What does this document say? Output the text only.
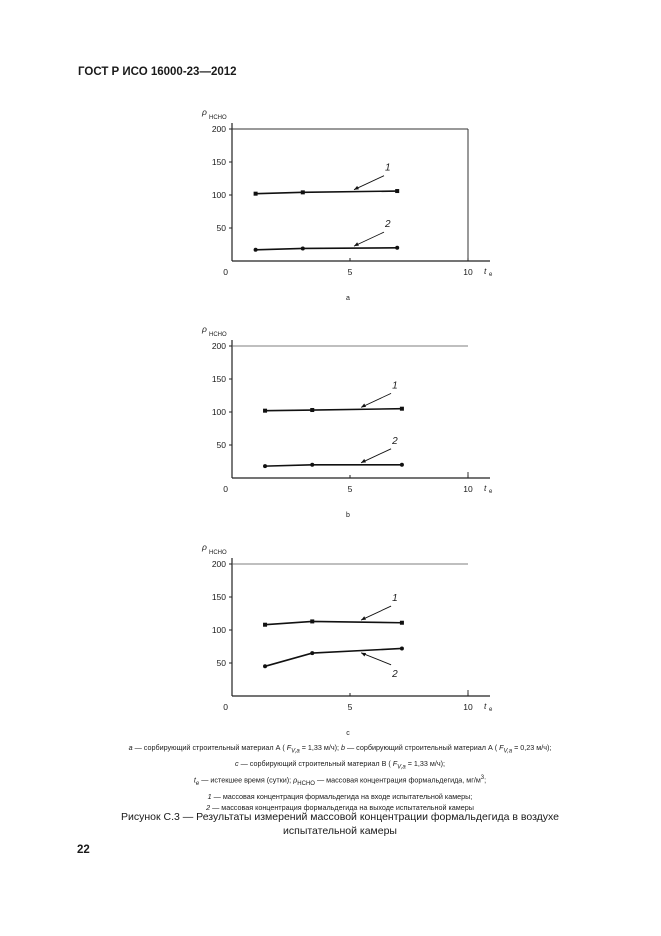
ГОСТ Р ИСО 16000-23—2012
50
100
150
200
0	5	10
ρ
HCHO
t e
1
2
a
50
100
150
200
0	5	10
ρ
HCHO
t e
1
2
b
50
100
150
200
0	5	10
ρ
HCHO
t e
1
2
c
a — сорбирующий строительный материал А ( $F_{V,a} = 1,33$ м/ч); b — сорбирующий строительный материал А ( $F_{V,a} = 0,23$ м/ч);
c — сорбирующий строительный материал B ( $F_{V,a} = 1,33$ м/ч);
$t_e$ — истекшее время (сутки); $\rho_{HCHO}$ — массовая концентрация формальдегида, $мг/м^3$;
1 — массовая концентрация формальдегида на входе испытательной камеры;
2 — массовая концентрация формальдегида на выходе испытательной камеры
Рисунок С.3 — Результаты измерений массовой концентрации формальдегида в воздухе
испытательной камеры
22
